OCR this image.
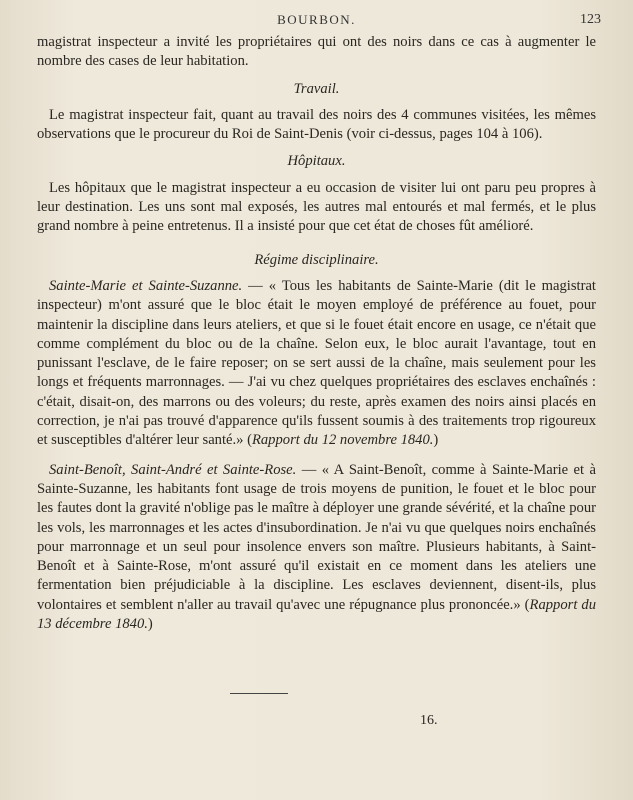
BOURBON.	123

magistrat inspecteur a invité les propriétaires qui ont des noirs dans ce cas à augmenter le nombre des cases de leur habitation.

Travail.

Le magistrat inspecteur fait, quant au travail des noirs des 4 communes visitées, les mêmes observations que le procureur du Roi de Saint-Denis (voir ci-dessus, pages 104 à 106).

Hôpitaux.

Les hôpitaux que le magistrat inspecteur a eu occasion de visiter lui ont paru peu propres à leur destination. Les uns sont mal exposés, les autres mal entourés et mal fermés, et le plus grand nombre à peine entretenus. Il a insisté pour que cet état de choses fût amélioré.

Régime disciplinaire.

Sainte-Marie et Sainte-Suzanne. — « Tous les habitants de Sainte-Marie (dit le magistrat inspecteur) m'ont assuré que le bloc était le moyen employé de préférence au fouet, pour maintenir la discipline dans leurs ateliers, et que si le fouet était encore en usage, ce n'était que comme complément du bloc ou de la chaîne. Selon eux, le bloc aurait l'avantage, tout en punissant l'esclave, de le faire reposer; on se sert aussi de la chaîne, mais seulement pour les longs et fréquents marronnages. — J'ai vu chez quelques propriétaires des esclaves enchaînés : c'était, disait-on, des marrons ou des voleurs; du reste, après examen des noirs ainsi placés en correction, je n'ai pas trouvé d'apparence qu'ils fussent soumis à des traitements trop rigoureux et susceptibles d'altérer leur santé.» (Rapport du 12 novembre 1840.)

Saint-Benoît, Saint-André et Sainte-Rose. — « A Saint-Benoît, comme à Sainte-Marie et à Sainte-Suzanne, les habitants font usage de trois moyens de punition, le fouet et le bloc pour les fautes dont la gravité n'oblige pas le maître à déployer une grande sévérité, et la chaîne pour les vols, les marronnages et les actes d'insubordination. Je n'ai vu que quelques noirs enchaînés pour marronnage et un seul pour insolence envers son maître. Plusieurs habitants, à Saint-Benoît et à Sainte-Rose, m'ont assuré qu'il existait en ce moment dans les ateliers une fermentation bien préjudiciable à la discipline. Les esclaves deviennent, disent-ils, plus volontaires et semblent n'aller au travail qu'avec une répugnance plus prononcée.» (Rapport du 13 décembre 1840.)

16.
